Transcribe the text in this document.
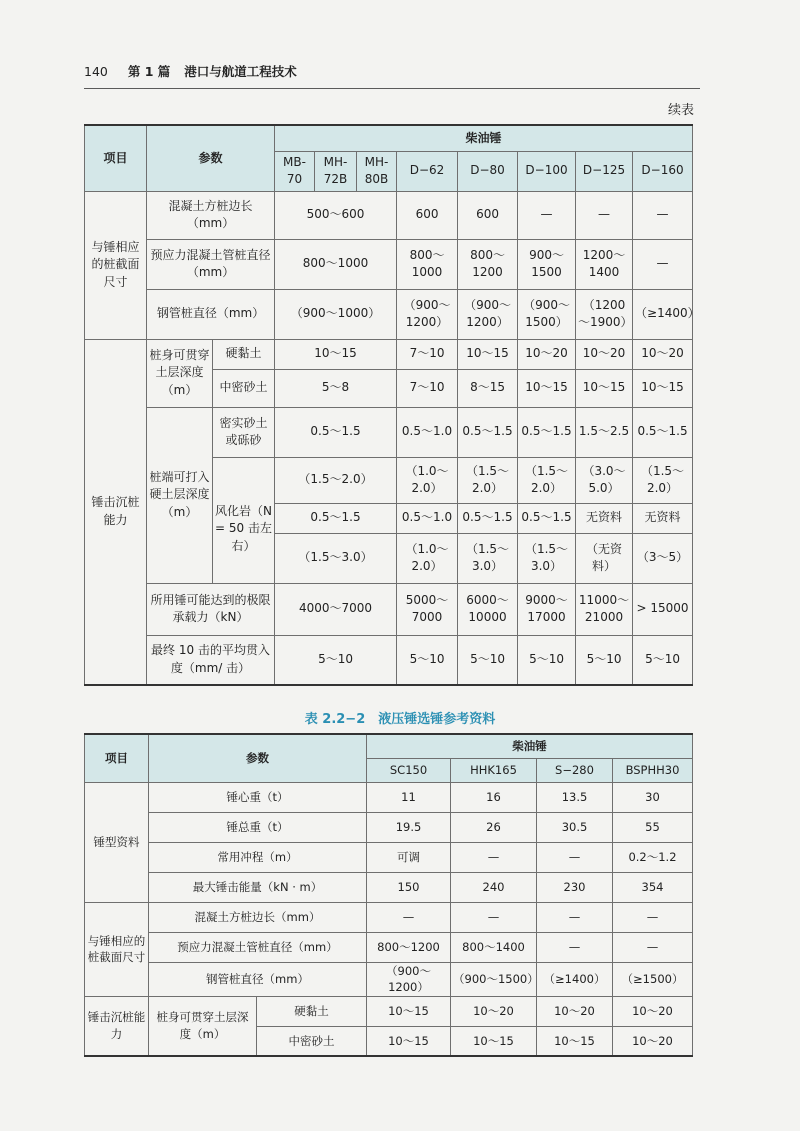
140 第 1 篇 港口与航道工程技术
续表
项目	参数		柴油锤							
			MB-70	MH-72B	MH-80B	D−62	D−80	D−100	D−125	D−160
与锤相应的桩截面尺寸	混凝土方桩边长（mm）		500～600			600	600	—	—	—
	预应力混凝土管桩直径（mm）		800～1000			800～1000	800～1200	900～1500	1200～1400	—
	钢管桩直径（mm）		（900～1000）			（900～1200）	（900～1200）	（900～1500）	（1200～1900）	（≥1400）
锤击沉桩能力	桩身可贯穿土层深度（m）	硬黏土	10～15			7～10	10～15	10～20	10～20	10～20
		中密砂土	5～8			7～10	8～15	10～15	10～15	10～15
	桩端可打入硬土层深度（m）	密实砂土或砾砂	0.5～1.5			0.5～1.0	0.5～1.5	0.5～1.5	1.5～2.5	0.5～1.5
			（1.5～2.0）			（1.0～2.0）	（1.5～2.0）	（1.5～2.0）	（3.0～5.0）	（1.5～2.0）
		风化岩（N = 50 击左右）	0.5～1.5			0.5～1.0	0.5～1.5	0.5～1.5	无资料	无资料
			（1.5～3.0）			（1.0～2.0）	（1.5～3.0）	（1.5～3.0）	（无资料）	（3～5）
	所用锤可能达到的极限承载力（kN）		4000～7000			5000～7000	6000～10000	9000～17000	11000～21000	> 15000
	最终 10 击的平均贯入度（mm/ 击）		5～10			5～10	5～10	5～10	5～10	5～10
表 2.2−2　液压锤选锤参考资料
项目	参数		柴油锤			
			SC150	HHK165	S−280	BSPHH30
锤型资料	锤心重（t）		11	16	13.5	30
	锤总重（t）		19.5	26	30.5	55
	常用冲程（m）		可调	—	—	0.2～1.2
	最大锤击能量（kN · m）		150	240	230	354
与锤相应的桩截面尺寸	混凝土方桩边长（mm）		—	—	—	—
	预应力混凝土管桩直径（mm）		800～1200	800～1400	—	—
	钢管桩直径（mm）		（900～1200）	（900～1500）	（≥1400）	（≥1500）
锤击沉桩能力	桩身可贯穿土层深度（m）	硬黏土	10～15	10～20	10～20	10～20
		中密砂土	10～15	10～15	10～15	10～20
